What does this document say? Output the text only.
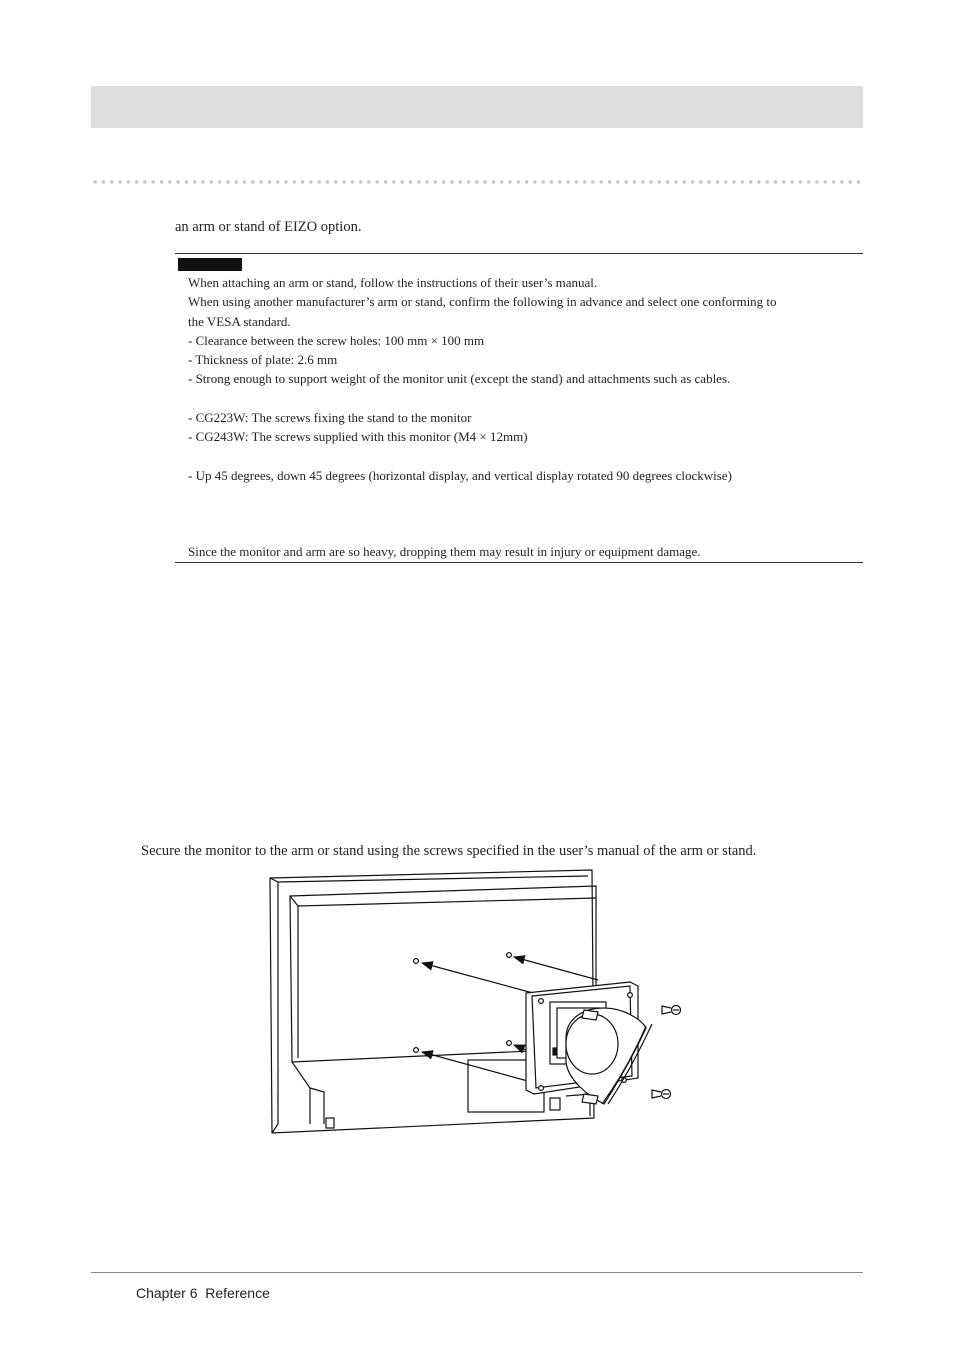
an arm or stand of EIZO option.
When attaching an arm or stand, follow the instructions of their user’s manual.
When using another manufacturer’s arm or stand, confirm the following in advance and select one conforming to
the VESA standard.
- Clearance between the screw holes: 100 mm × 100 mm
- Thickness of plate: 2.6 mm
- Strong enough to support weight of the monitor unit (except the stand) and attachments such as cables.
- CG223W: The screws fixing the stand to the monitor
- CG243W: The screws supplied with this monitor (M4 × 12mm)
- Up 45 degrees, down 45 degrees (horizontal display, and vertical display rotated 90 degrees clockwise)
Since the monitor and arm are so heavy, dropping them may result in injury or equipment damage.
Secure the monitor to the arm or stand using the screws specified in the user’s manual of the arm or stand.
Chapter 6  Reference
